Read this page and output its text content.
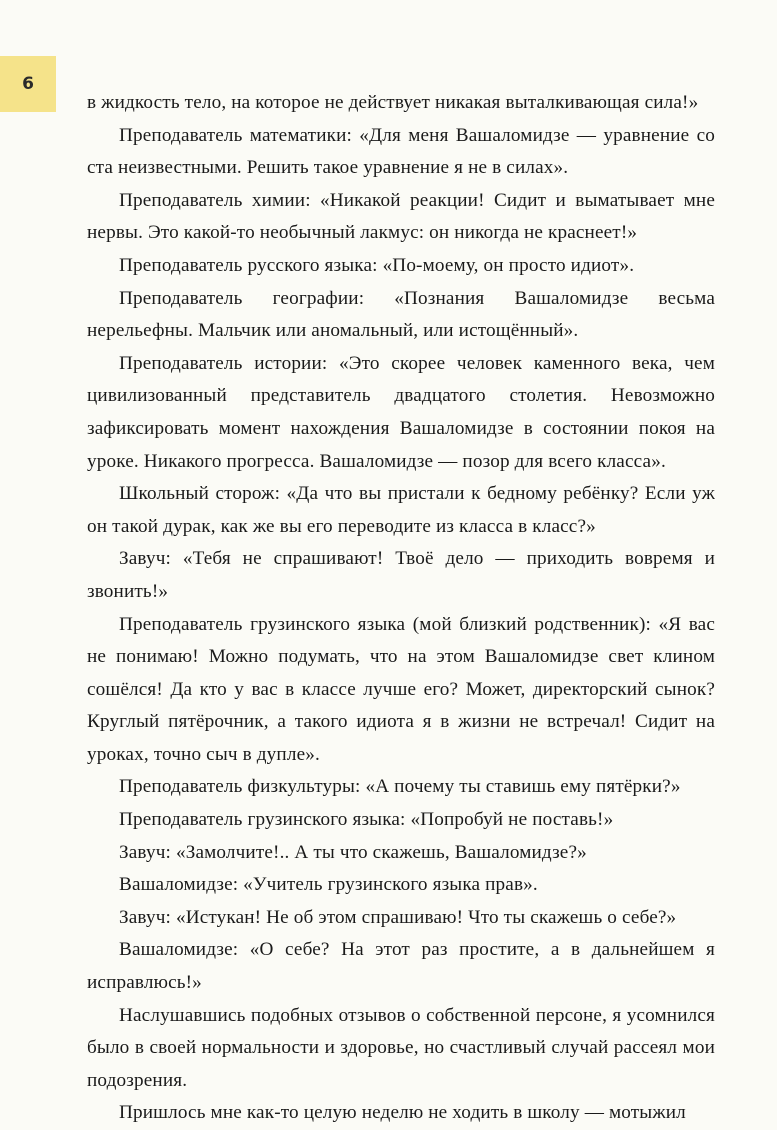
6

в жидкость тело, на которое не действует никакая выталкивающая сила!»

Преподаватель математики: «Для меня Вашаломидзе — уравнение со ста неизвестными. Решить такое уравнение я не в силах».

Преподаватель химии: «Никакой реакции! Сидит и выматывает мне нервы. Это какой-то необычный лакмус: он никогда не краснеет!»

Преподаватель русского языка: «По-моему, он просто идиот».

Преподаватель географии: «Познания Вашаломидзе весьма нерельефны. Мальчик или аномальный, или истощённый».

Преподаватель истории: «Это скорее человек каменного века, чем цивилизованный представитель двадцатого столетия. Невозможно зафиксировать момент нахождения Вашаломидзе в состоянии покоя на уроке. Никакого прогресса. Вашаломидзе — позор для всего класса».

Школьный сторож: «Да что вы пристали к бедному ребёнку? Если уж он такой дурак, как же вы его переводите из класса в класс?»

Завуч: «Тебя не спрашивают! Твоё дело — приходить вовремя и звонить!»

Преподаватель грузинского языка (мой близкий родственник): «Я вас не понимаю! Можно подумать, что на этом Вашаломидзе свет клином сошёлся! Да кто у вас в классе лучше его? Может, директорский сынок? Круглый пятёрочник, а такого идиота я в жизни не встречал! Сидит на уроках, точно сыч в дупле».

Преподаватель физкультуры: «А почему ты ставишь ему пятёрки?»

Преподаватель грузинского языка: «Попробуй не поставь!»

Завуч: «Замолчите!.. А ты что скажешь, Вашаломидзе?»

Вашаломидзе: «Учитель грузинского языка прав».

Завуч: «Истукан! Не об этом спрашиваю! Что ты скажешь о себе?»

Вашаломидзе: «О себе? На этот раз простите, а в дальнейшем я исправлюсь!»

Наслушавшись подобных отзывов о собственной персоне, я усомнился было в своей нормальности и здоровье, но счастливый случай рассеял мои подозрения.

Пришлось мне как-то целую неделю не ходить в школу — мотыжил
